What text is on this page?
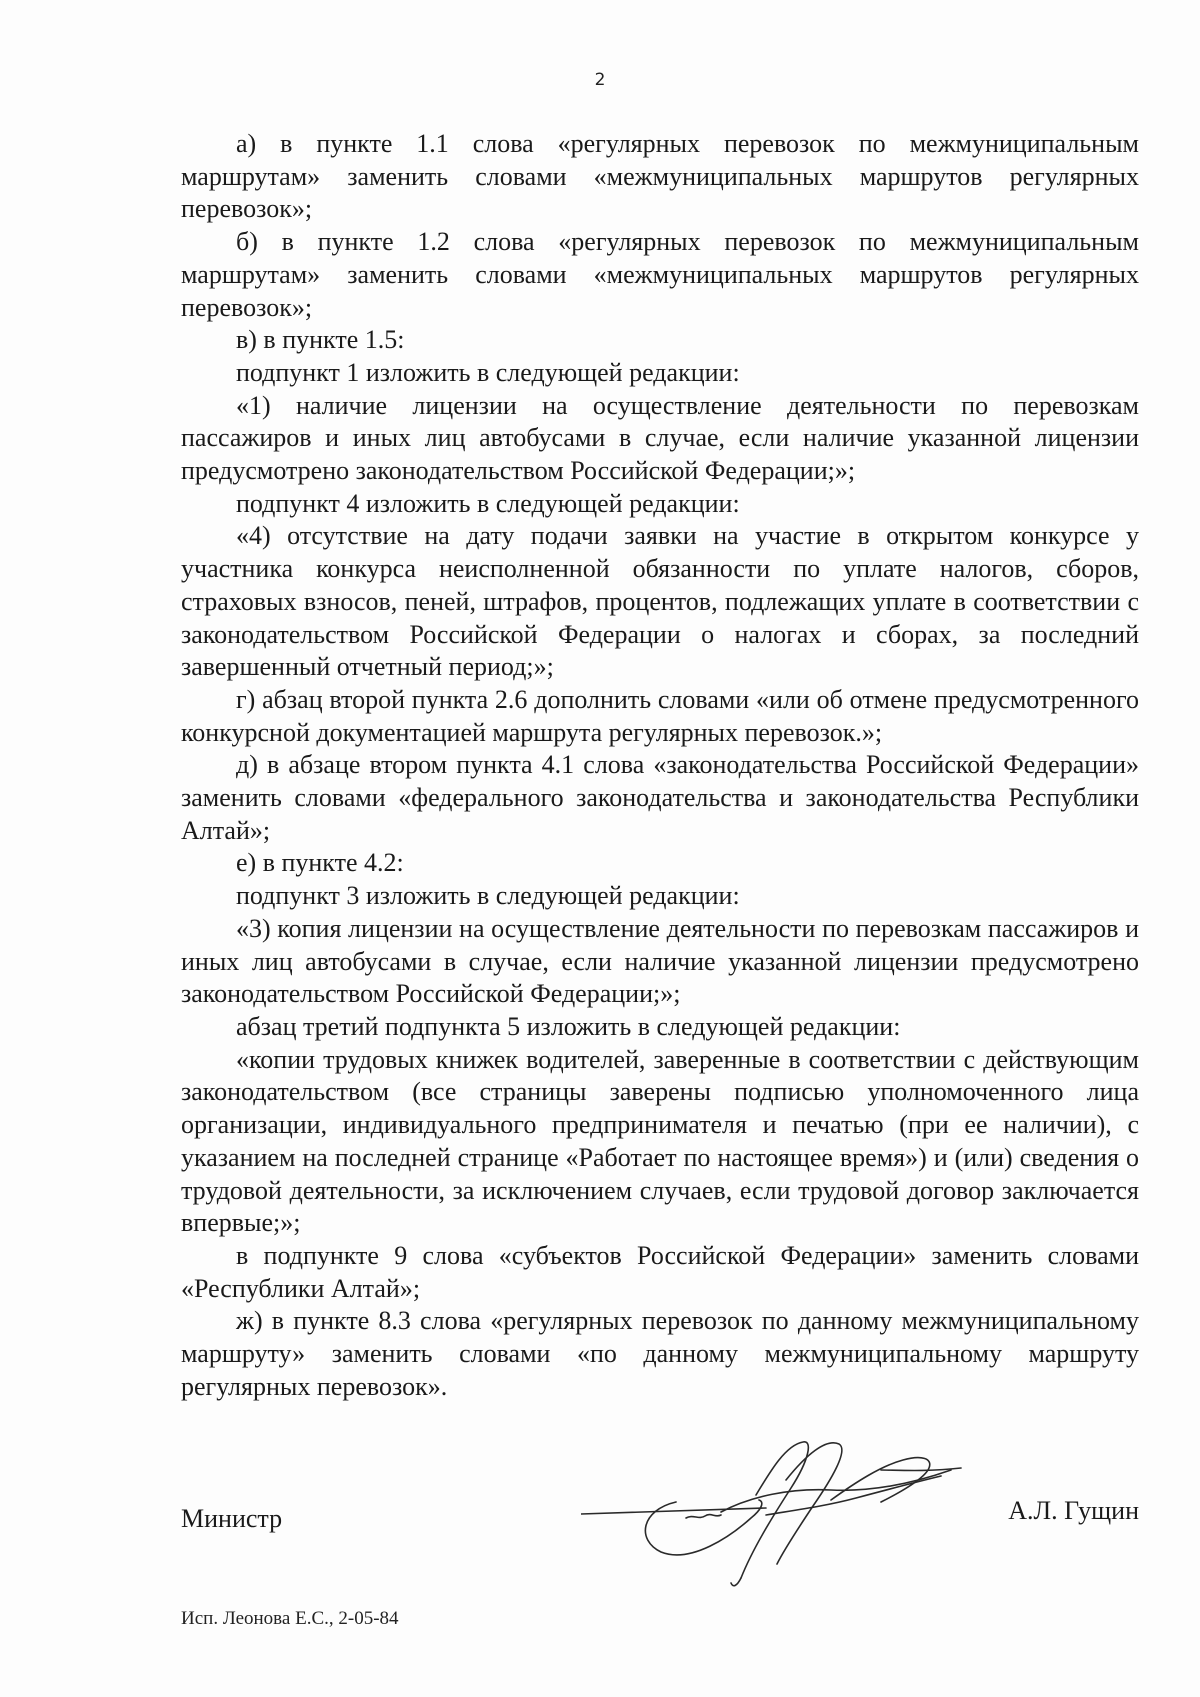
2

а) в пункте 1.1 слова «регулярных перевозок по межмуниципальным маршрутам» заменить словами «межмуниципальных маршрутов регулярных перевозок»;

б) в пункте 1.2 слова «регулярных перевозок по межмуниципальным маршрутам» заменить словами «межмуниципальных маршрутов регулярных перевозок»;

в) в пункте 1.5:

подпункт 1 изложить в следующей редакции:

«1) наличие лицензии на осуществление деятельности по перевозкам пассажиров и иных лиц автобусами в случае, если наличие указанной лицензии предусмотрено законодательством Российской Федерации;»;

подпункт 4 изложить в следующей редакции:

«4) отсутствие на дату подачи заявки на участие в открытом конкурсе у участника конкурса неисполненной обязанности по уплате налогов, сборов, страховых взносов, пеней, штрафов, процентов, подлежащих уплате в соответствии с законодательством Российской Федерации о налогах и сборах, за последний завершенный отчетный период;»;

г) абзац второй пункта 2.6 дополнить словами «или об отмене предусмотренного конкурсной документацией маршрута регулярных перевозок.»;

д) в абзаце втором пункта 4.1 слова «законодательства Российской Федерации» заменить словами «федерального законодательства и законодательства Республики Алтай»;

е) в пункте 4.2:

подпункт 3 изложить в следующей редакции:

«3) копия лицензии на осуществление деятельности по перевозкам пассажиров и иных лиц автобусами в случае, если наличие указанной лицензии предусмотрено законодательством Российской Федерации;»;

абзац третий подпункта 5 изложить в следующей редакции:

«копии трудовых книжек водителей, заверенные в соответствии с действующим законодательством (все страницы заверены подписью уполномоченного лица организации, индивидуального предпринимателя и печатью (при ее наличии), с указанием на последней странице «Работает по настоящее время») и (или) сведения о трудовой деятельности, за исключением случаев, если трудовой договор заключается впервые;»;

в подпункте 9 слова «субъектов Российской Федерации» заменить словами «Республики Алтай»;

ж) в пункте 8.3 слова «регулярных перевозок по данному межмуниципальному маршруту» заменить словами «по данному межмуниципальному маршруту регулярных перевозок».

Министр	А.Л. Гущин
Исп. Леонова Е.С., 2-05-84
